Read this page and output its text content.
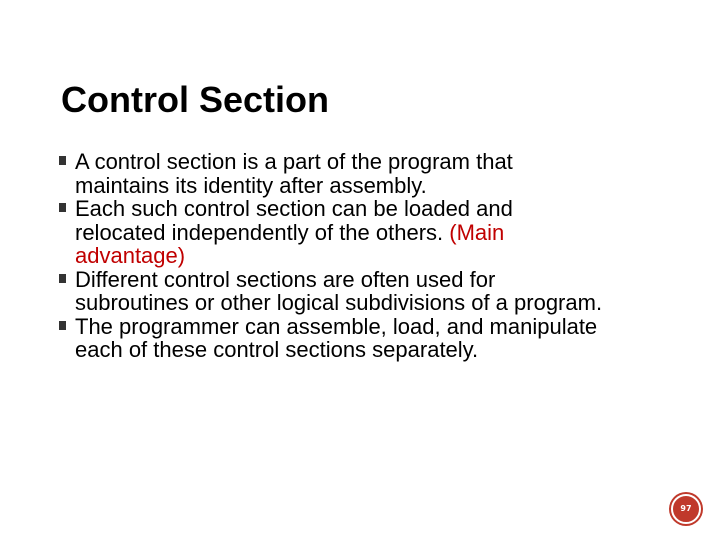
Control Section
A control section is a part of the program that maintains its identity after assembly.
Each such control section can be loaded and relocated independently of the others. (Main advantage)
Different control sections are often used for subroutines or other logical subdivisions of a program.
The programmer can assemble, load, and manipulate each of these control sections separately.
97
